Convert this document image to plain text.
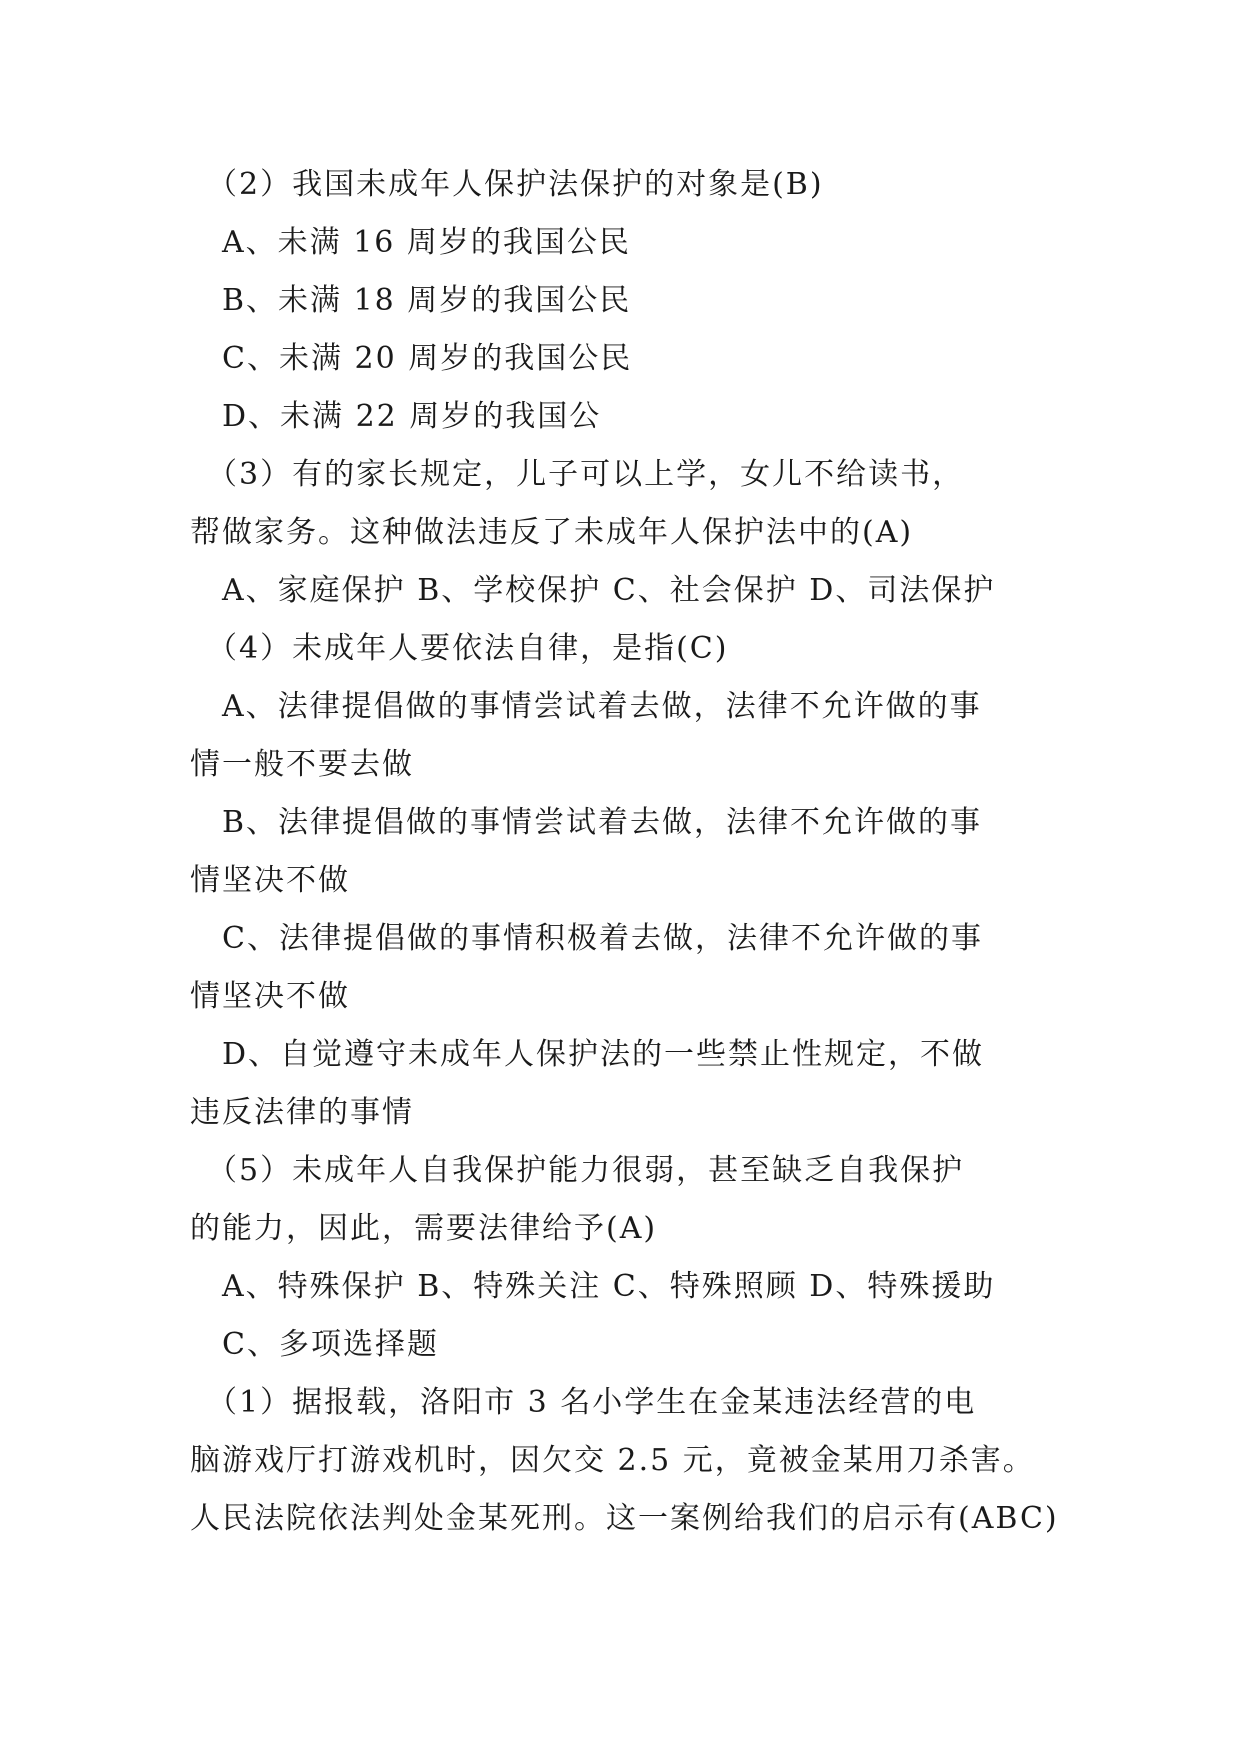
　（2）我国未成年人保护法保护的对象是(B)
　A、未满 16 周岁的我国公民
　B、未满 18 周岁的我国公民
　C、未满 20 周岁的我国公民
　D、未满 22 周岁的我国公
　（3）有的家长规定，儿子可以上学，女儿不给读书，
帮做家务。这种做法违反了未成年人保护法中的(A)
　A、家庭保护 B、学校保护 C、社会保护 D、司法保护
　（4）未成年人要依法自律，是指(C)
　A、法律提倡做的事情尝试着去做，法律不允许做的事
情一般不要去做
　B、法律提倡做的事情尝试着去做，法律不允许做的事
情坚决不做
　C、法律提倡做的事情积极着去做，法律不允许做的事
情坚决不做
　D、自觉遵守未成年人保护法的一些禁止性规定，不做
违反法律的事情
　（5）未成年人自我保护能力很弱，甚至缺乏自我保护
的能力，因此，需要法律给予(A)
　A、特殊保护 B、特殊关注 C、特殊照顾 D、特殊援助
　C、多项选择题
　（1）据报载，洛阳市 3 名小学生在金某违法经营的电
脑游戏厅打游戏机时，因欠交 2.5 元，竟被金某用刀杀害。
人民法院依法判处金某死刑。这一案例给我们的启示有(ABC)
